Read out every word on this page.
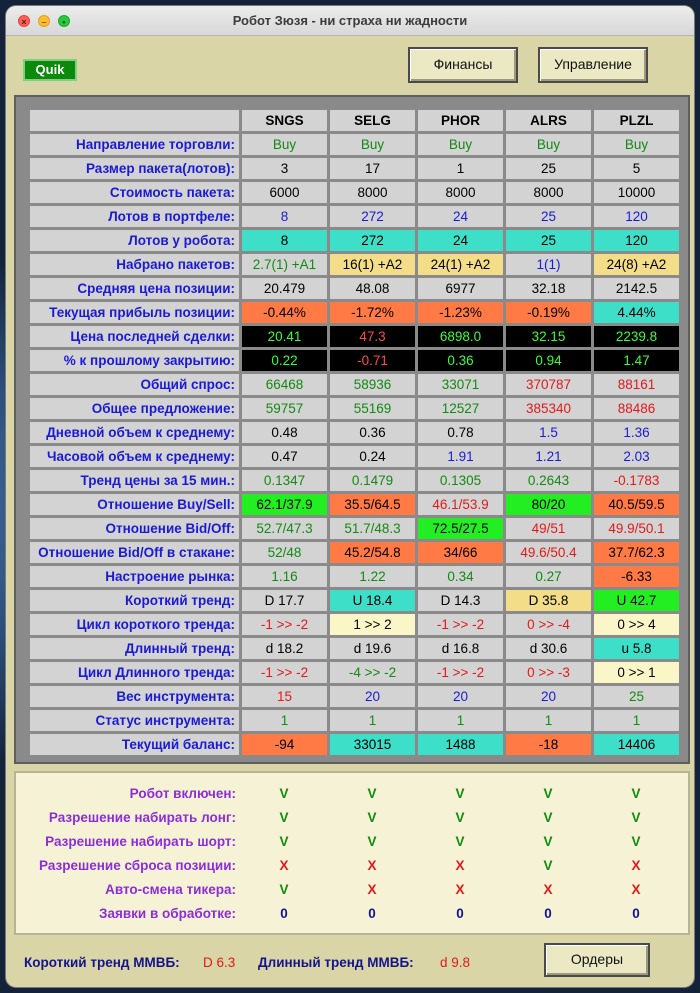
×	–	•	Робот Зюзя - ни страха ни жадности
Quik	Финансы	Управление
	SNGS	SELG	PHOR	ALRS	PLZL
Направление торговли:	Buy	Buy	Buy	Buy	Buy
Размер пакета(лотов):	3	17	1	25	5
Стоимость пакета:	6000	8000	8000	8000	10000
Лотов в портфеле:	8	272	24	25	120
Лотов у робота:	8	272	24	25	120
Набрано пакетов:	2.7(1) +A1	16(1) +A2	24(1) +A2	1(1)	24(8) +A2
Средняя цена позиции:	20.479	48.08	6977	32.18	2142.5
Текущая прибыль позиции:	-0.44%	-1.72%	-1.23%	-0.19%	4.44%
Цена последней сделки:	20.41	47.3	6898.0	32.15	2239.8
% к прошлому закрытию:	0.22	-0.71	0.36	0.94	1.47
Общий спрос:	66468	58936	33071	370787	88161
Общее предложение:	59757	55169	12527	385340	88486
Дневной объем к среднему:	0.48	0.36	0.78	1.5	1.36
Часовой объем к среднему:	0.47	0.24	1.91	1.21	2.03
Тренд цены за 15 мин.:	0.1347	0.1479	0.1305	0.2643	-0.1783
Отношение Buy/Sell:	62.1/37.9	35.5/64.5	46.1/53.9	80/20	40.5/59.5
Отношение Bid/Off:	52.7/47.3	51.7/48.3	72.5/27.5	49/51	49.9/50.1
Отношение Bid/Off в стакане:	52/48	45.2/54.8	34/66	49.6/50.4	37.7/62.3
Настроение рынка:	1.16	1.22	0.34	0.27	-6.33
Короткий тренд:	D 17.7	U 18.4	D 14.3	D 35.8	U 42.7
Цикл короткого тренда:	-1 >> -2	1 >> 2	-1 >> -2	0 >> -4	0 >> 4
Длинный тренд:	d 18.2	d 19.6	d 16.8	d 30.6	u 5.8
Цикл Длинного тренда:	-1 >> -2	-4 >> -2	-1 >> -2	0 >> -3	0 >> 1
Вес инструмента:	15	20	20	20	25
Статус инструмента:	1	1	1	1	1
Текущий баланс:	-94	33015	1488	-18	14406
Робот включен:	V	V	V	V	V
Разрешение набирать лонг:	V	V	V	V	V
Разрешение набирать шорт:	V	V	V	V	V
Разрешение сброса позиции:	X	X	X	V	X
Авто-смена тикера:	V	X	X	X	X
Заявки в обработке:	0	0	0	0	0
Короткий тренд ММВБ: D 6.3 Длинный тренд ММВБ: d 9.8	Ордеры
